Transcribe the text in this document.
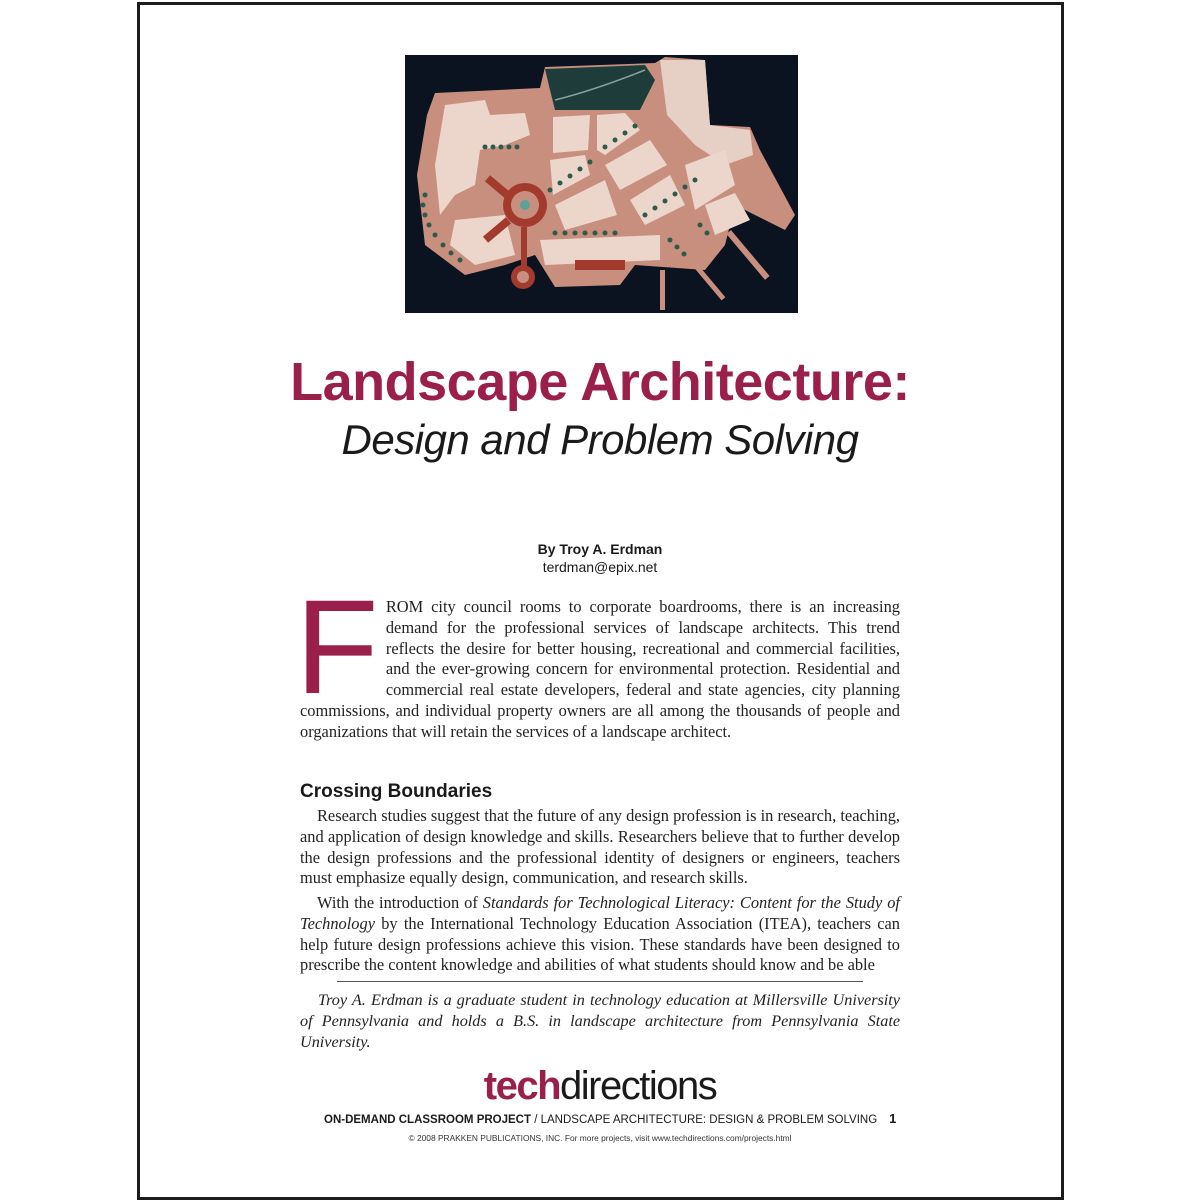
Landscape Architecture:
Design and Problem Solving
By Troy A. Erdman
terdman@epix.net
FROM city council rooms to corporate boardrooms, there is an increasing demand for the professional services of landscape architects. This trend reflects the desire for better housing, recreational and commercial facilities, and the ever-growing concern for environmental protection. Residential and commercial real estate developers, federal and state agencies, city planning commissions, and individual property owners are all among the thousands of people and organizations that will retain the services of a landscape architect.
Crossing Boundaries
Research studies suggest that the future of any design profession is in research, teaching, and application of design knowledge and skills. Researchers believe that to further develop the design professions and the professional identity of designers or engineers, teachers must emphasize equally design, communication, and research skills.
With the introduction of Standards for Technological Literacy: Content for the Study of Technology by the International Technology Education Association (ITEA), teachers can help future design professions achieve this vision. These standards have been designed to prescribe the content knowledge and abilities of what students should know and be able
Troy A. Erdman is a graduate student in technology education at Millersville University of Pennsylvania and holds a B.S. in landscape architecture from Pennsylvania State University.
techdirections
ON-DEMAND CLASSROOM PROJECT / LANDSCAPE ARCHITECTURE: DESIGN & PROBLEM SOLVING 1
© 2008 PRAKKEN PUBLICATIONS, INC. For more projects, visit www.techdirections.com/projects.html
